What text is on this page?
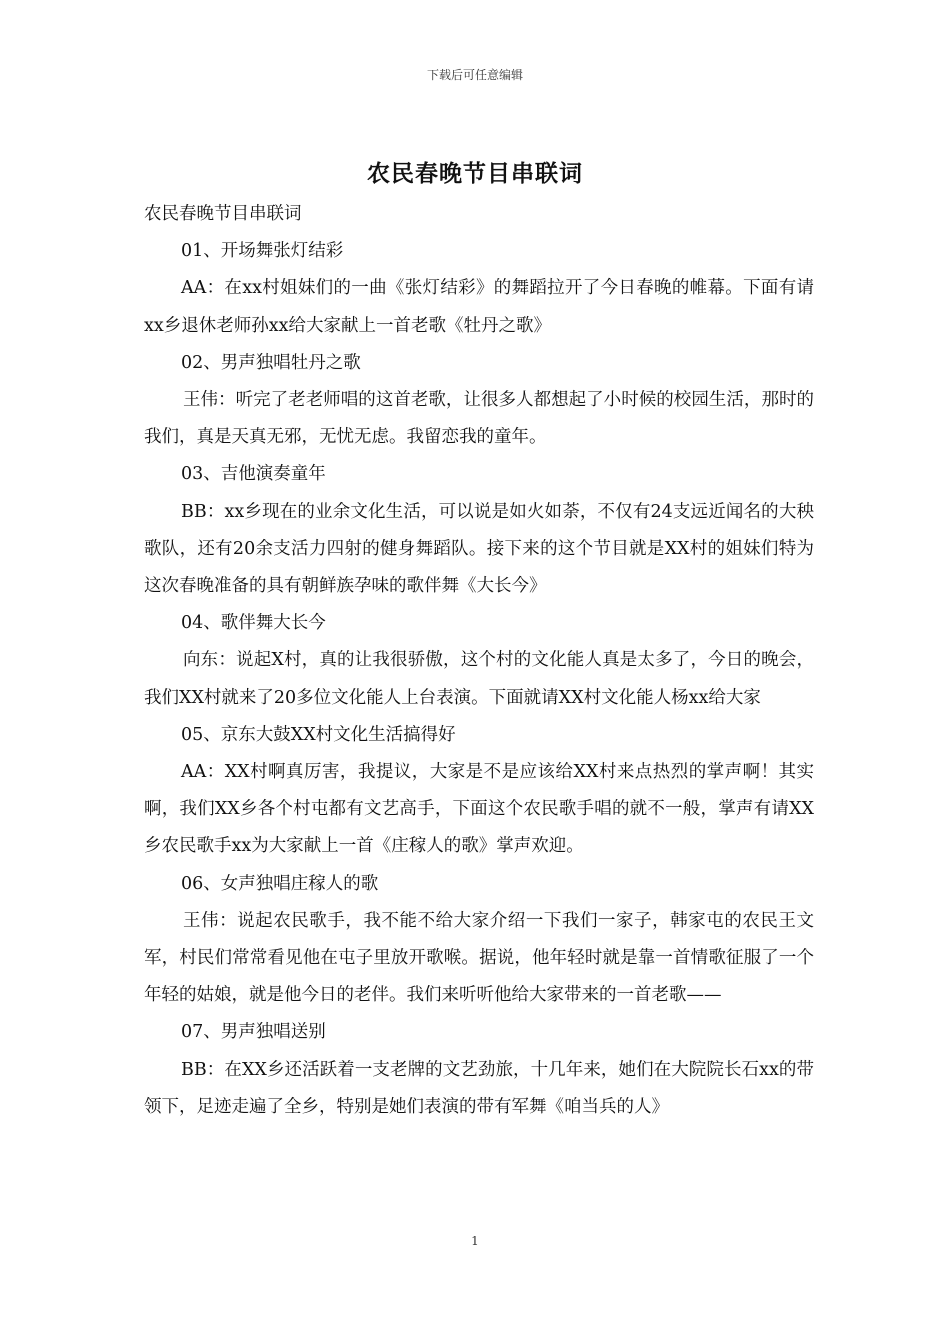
下载后可任意编辑
农民春晚节目串联词

农民春晚节目串联词

01、开场舞张灯结彩

AA：在xx村姐妹们的一曲《张灯结彩》的舞蹈拉开了今日春晚的帷幕。下面有请xx乡退休老师孙xx给大家献上一首老歌《牡丹之歌》

02、男声独唱牡丹之歌

王伟：听完了老老师唱的这首老歌，让很多人都想起了小时候的校园生活，那时的我们，真是天真无邪，无忧无虑。我留恋我的童年。

03、吉他演奏童年

BB：xx乡现在的业余文化生活，可以说是如火如荼，不仅有24支远近闻名的大秧歌队，还有20余支活力四射的健身舞蹈队。接下来的这个节目就是XX村的姐妹们特为这次春晚准备的具有朝鲜族孕味的歌伴舞《大长今》

04、歌伴舞大长今

向东：说起X村，真的让我很骄傲，这个村的文化能人真是太多了，今日的晚会，我们XX村就来了20多位文化能人上台表演。下面就请XX村文化能人杨xx给大家

05、京东大鼓XX村文化生活搞得好

AA：XX村啊真厉害，我提议，大家是不是应该给XX村来点热烈的掌声啊！其实啊，我们XX乡各个村屯都有文艺高手，下面这个农民歌手唱的就不一般，掌声有请XX乡农民歌手xx为大家献上一首《庄稼人的歌》掌声欢迎。

06、女声独唱庄稼人的歌

王伟：说起农民歌手，我不能不给大家介绍一下我们一家子，韩家屯的农民王文军，村民们常常看见他在屯子里放开歌喉。据说，他年轻时就是靠一首情歌征服了一个年轻的姑娘，就是他今日的老伴。我们来听听他给大家带来的一首老歌——

07、男声独唱送别

BB：在XX乡还活跃着一支老牌的文艺劲旅，十几年来，她们在大院院长石xx的带领下，足迹走遍了全乡，特别是她们表演的带有军舞《咱当兵的人》

1
